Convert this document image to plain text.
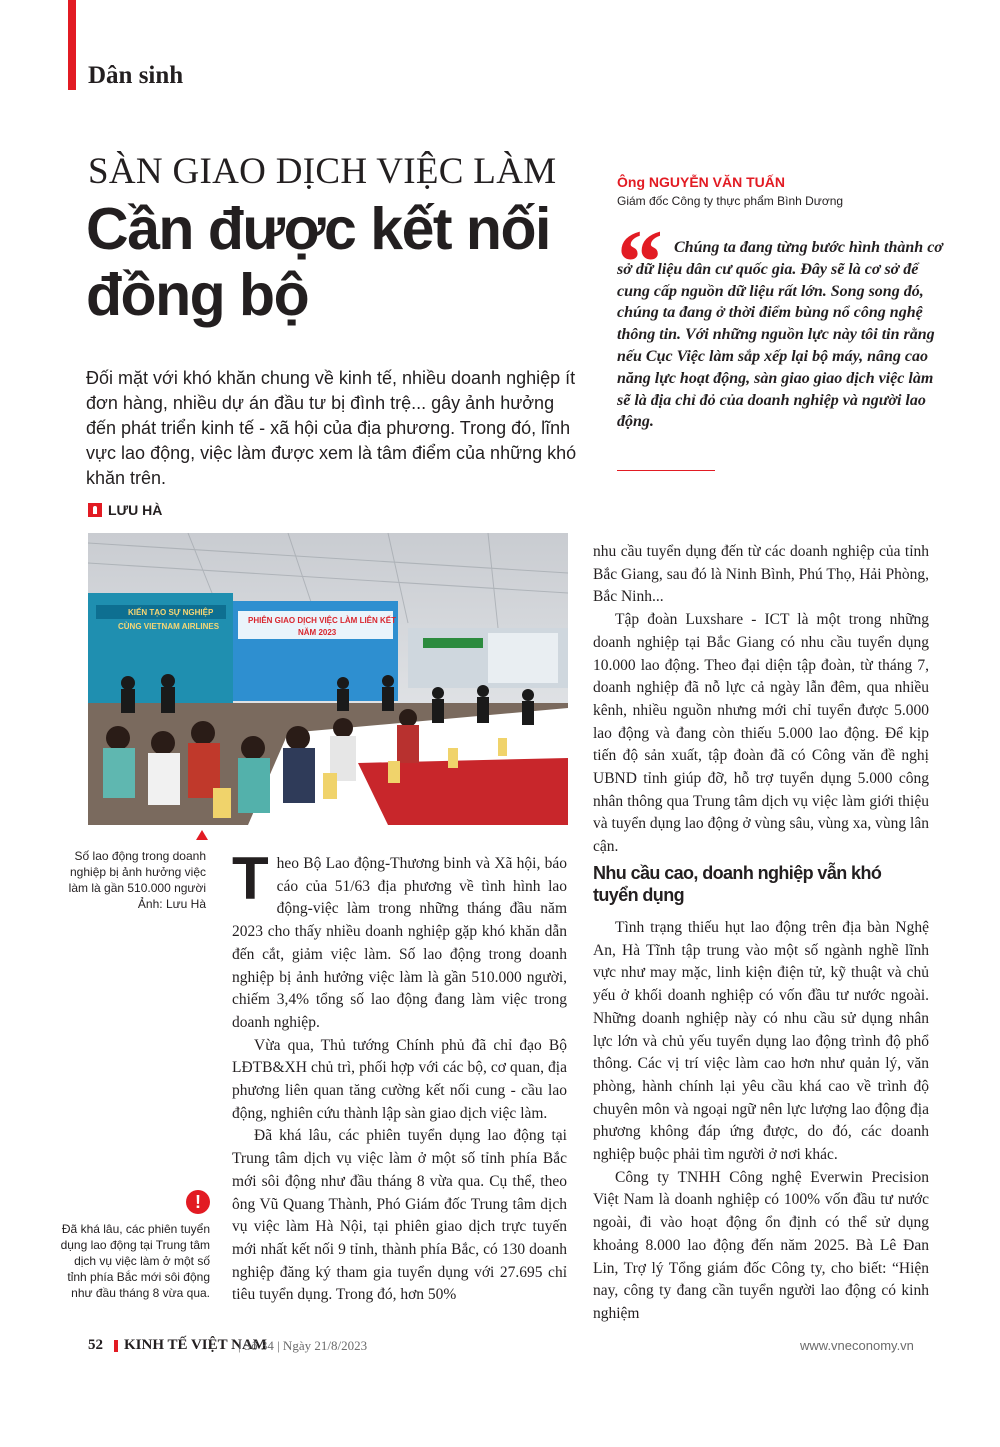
Dân sinh
SÀN GIAO DỊCH VIỆC LÀM
Cần được kết nối đồng bộ
Đối mặt với khó khăn chung về kinh tế, nhiều doanh nghiệp ít đơn hàng, nhiều dự án đầu tư bị đình trệ... gây ảnh hưởng đến phát triển kinh tế - xã hội của địa phương. Trong đó, lĩnh vực lao động, việc làm được xem là tâm điểm của những khó khăn trên.
LƯU HÀ
Ông NGUYỄN VĂN TUẤN
Giám đốc Công ty thực phẩm Bình Dương
“ Chúng ta đang từng bước hình thành cơ sở dữ liệu dân cư quốc gia. Đây sẽ là cơ sở để cung cấp nguồn dữ liệu rất lớn. Song song đó, chúng ta đang ở thời điểm bùng nổ công nghệ thông tin. Với những nguồn lực này tôi tin rằng nếu Cục Việc làm sắp xếp lại bộ máy, nâng cao năng lực hoạt động, sàn giao giao dịch việc làm sẽ là địa chỉ đỏ của doanh nghiệp và người lao động.
KIẾN TẠO SỰ NGHIỆP
CÙNG VIETNAM AIRLINES
PHIÊN GIAO DỊCH VIỆC LÀM LIÊN KẾT
NĂM 2023
Số lao động trong doanh nghiệp bị ảnh hưởng việc làm là gần 510.000 người
Ảnh: Lưu Hà
!
Đã khá lâu, các phiên tuyển dụng lao động tại Trung tâm dịch vụ việc làm ở một số tỉnh phía Bắc mới sôi động như đầu tháng 8 vừa qua.
T heo Bộ Lao động-Thương binh và Xã hội, báo cáo của 51/63 địa phương về tình hình lao động-việc làm trong những tháng đầu năm 2023 cho thấy nhiều doanh nghiệp gặp khó khăn dẫn đến cắt, giảm việc làm. Số lao động trong doanh nghiệp bị ảnh hưởng việc làm là gần 510.000 người, chiếm 3,4% tổng số lao động đang làm việc trong doanh nghiệp.

Vừa qua, Thủ tướng Chính phủ đã chỉ đạo Bộ LĐTB&XH chủ trì, phối hợp với các bộ, cơ quan, địa phương liên quan tăng cường kết nối cung - cầu lao động, nghiên cứu thành lập sàn giao dịch việc làm.

Đã khá lâu, các phiên tuyển dụng lao động tại Trung tâm dịch vụ việc làm ở một số tỉnh phía Bắc mới sôi động như đầu tháng 8 vừa qua. Cụ thể, theo ông Vũ Quang Thành, Phó Giám đốc Trung tâm dịch vụ việc làm Hà Nội, tại phiên giao dịch trực tuyến mới nhất kết nối 9 tỉnh, thành phía Bắc, có 130 doanh nghiệp đăng ký tham gia tuyển dụng với 27.695 chỉ tiêu tuyển dụng. Trong đó, hơn 50%

nhu cầu tuyển dụng đến từ các doanh nghiệp của tỉnh Bắc Giang, sau đó là Ninh Bình, Phú Thọ, Hải Phòng, Bắc Ninh...

Tập đoàn Luxshare - ICT là một trong những doanh nghiệp tại Bắc Giang có nhu cầu tuyển dụng 10.000 lao động. Theo đại diện tập đoàn, từ tháng 7, doanh nghiệp đã nỗ lực cả ngày lẫn đêm, qua nhiều kênh, nhiều nguồn nhưng mới chỉ tuyển được 5.000 lao động và đang còn thiếu 5.000 lao động. Để kịp tiến độ sản xuất, tập đoàn đã có Công văn đề nghị UBND tỉnh giúp đỡ, hỗ trợ tuyển dụng 5.000 công nhân thông qua Trung tâm dịch vụ việc làm giới thiệu và tuyển dụng lao động ở vùng sâu, vùng xa, vùng lân cận.

Nhu cầu cao, doanh nghiệp vẫn khó tuyển dụng

Tình trạng thiếu hụt lao động trên địa bàn Nghệ An, Hà Tĩnh tập trung vào một số ngành nghề lĩnh vực như may mặc, linh kiện điện tử, kỹ thuật và chủ yếu ở khối doanh nghiệp có vốn đầu tư nước ngoài. Những doanh nghiệp này có nhu cầu sử dụng nhân lực lớn và chủ yếu tuyển dụng lao động trình độ phổ thông. Các vị trí việc làm cao hơn như quản lý, văn phòng, hành chính lại yêu cầu khá cao về trình độ chuyên môn và ngoại ngữ nên lực lượng lao động địa phương không đáp ứng được, do đó, các doanh nghiệp buộc phải tìm người ở nơi khác.

Công ty TNHH Công nghệ Everwin Precision Việt Nam là doanh nghiệp có 100% vốn đầu tư nước ngoài, đi vào hoạt động ổn định có thể sử dụng khoảng 8.000 lao động đến năm 2025. Bà Lê Đan Lin, Trợ lý Tổng giám đốc Công ty, cho biết: “Hiện nay, công ty đang cần tuyển người lao động có kinh nghiệm

52 KINH TẾ VIỆT NAM
| Số 34 | Ngày 21/8/2023	www.vneconomy.vn
